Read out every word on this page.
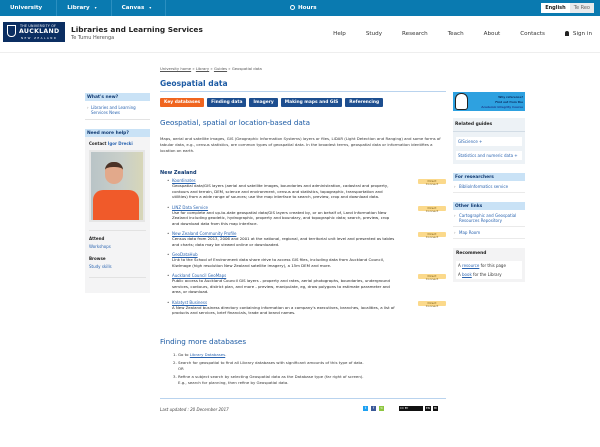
University	Library ▾	Canvas ▾	Hours	English	Te Reo
THE UNIVERSITY OF
AUCKLAND
NEW ZEALAND
Libraries and Learning Services
Te Tumu Herenga
Help	Study	Research	Teach	About	Contacts	Sign in
University home » Library » Guides » Geospatial data
What's new?
› Libraries and Learning Services News
Need more help?
Contact Igor Drecki
Attend
Workshops
Browse
Study skills
Geospatial data
Key databases	Finding data	Imagery	Making maps and GIS	Referencing
Geospatial, spatial or location-based data
Maps, aerial and satellite images, GIS (Geographic Information Systems) layers or files, LiDAR (Light Detection and Ranging) and some forms of tabular data, e.g., census statistics, are common types of geospatial data. In the broadest terms, geospatial data or information identifies a location on earth.
New Zealand
• Koordinates
Geospatial data/GIS layers (aerial and satellite images, boundaries and administration, cadastral and property, contours and terrain, DEM, science and environment, census and statistics, topographic, transportation and utilities) from a wide range of sources; use the map interface to search, preview, crop and download data.
Direct Connect
• LINZ Data Service
Use for complete and up-to-date geospatial data/GIS layers created by, or on behalf of, Land Information New Zealand including geodetic, hydrographic, property and boundary, and topographic data; search, preview, crop and download data from this map interface.
Direct Connect
• New Zealand Community Profile
Census data from 2013, 2006 and 2001 at the national, regional, and territorial unit level and presented as tables and charts; data may be viewed online or downloaded.
Direct Connect
• GeoDataHub
Link to the School of Environment data share drive to access GIS files, including data from Auckland Council, KiwImage (high resolution New Zealand satellite imagery), a 15m DEM and more.
• Auckland Council GeoMaps
Public access to Auckland Council GIS layers - property and rates, aerial photographs, boundaries, underground services, contours, district plan, and more - preview, manipulate, eg, draw polygons to estimate parameter and area, or download.
Direct Connect
• Kalatyst Business
A New Zealand business directory containing information on a company's executives, branches, localities, a list of products and services, brief financials, trade and brand names.
Direct Connect
Finding more databases
1. Go to Library Databases.
2. Search for geospatial to find all Library databases with significant amounts of this type of data.
OR
3. Refine a subject search by selecting Geospatial data as the Database type (far right of screen).
E.g., search for planning, then refine by Geospatial data.
Last updated : 20 December 2017	t	f	<	CC BY	EN	MI
Why reference?
Find out from the
Academic Integrity Course
Related guides
GIScience +
Statistics and numeric data +
For researchers
› Bibliolnformatics service
Other links
› Cartographic and Geospatial Resources Repository
› Map Room
Recommend
A resource for this page
A book for the Library
